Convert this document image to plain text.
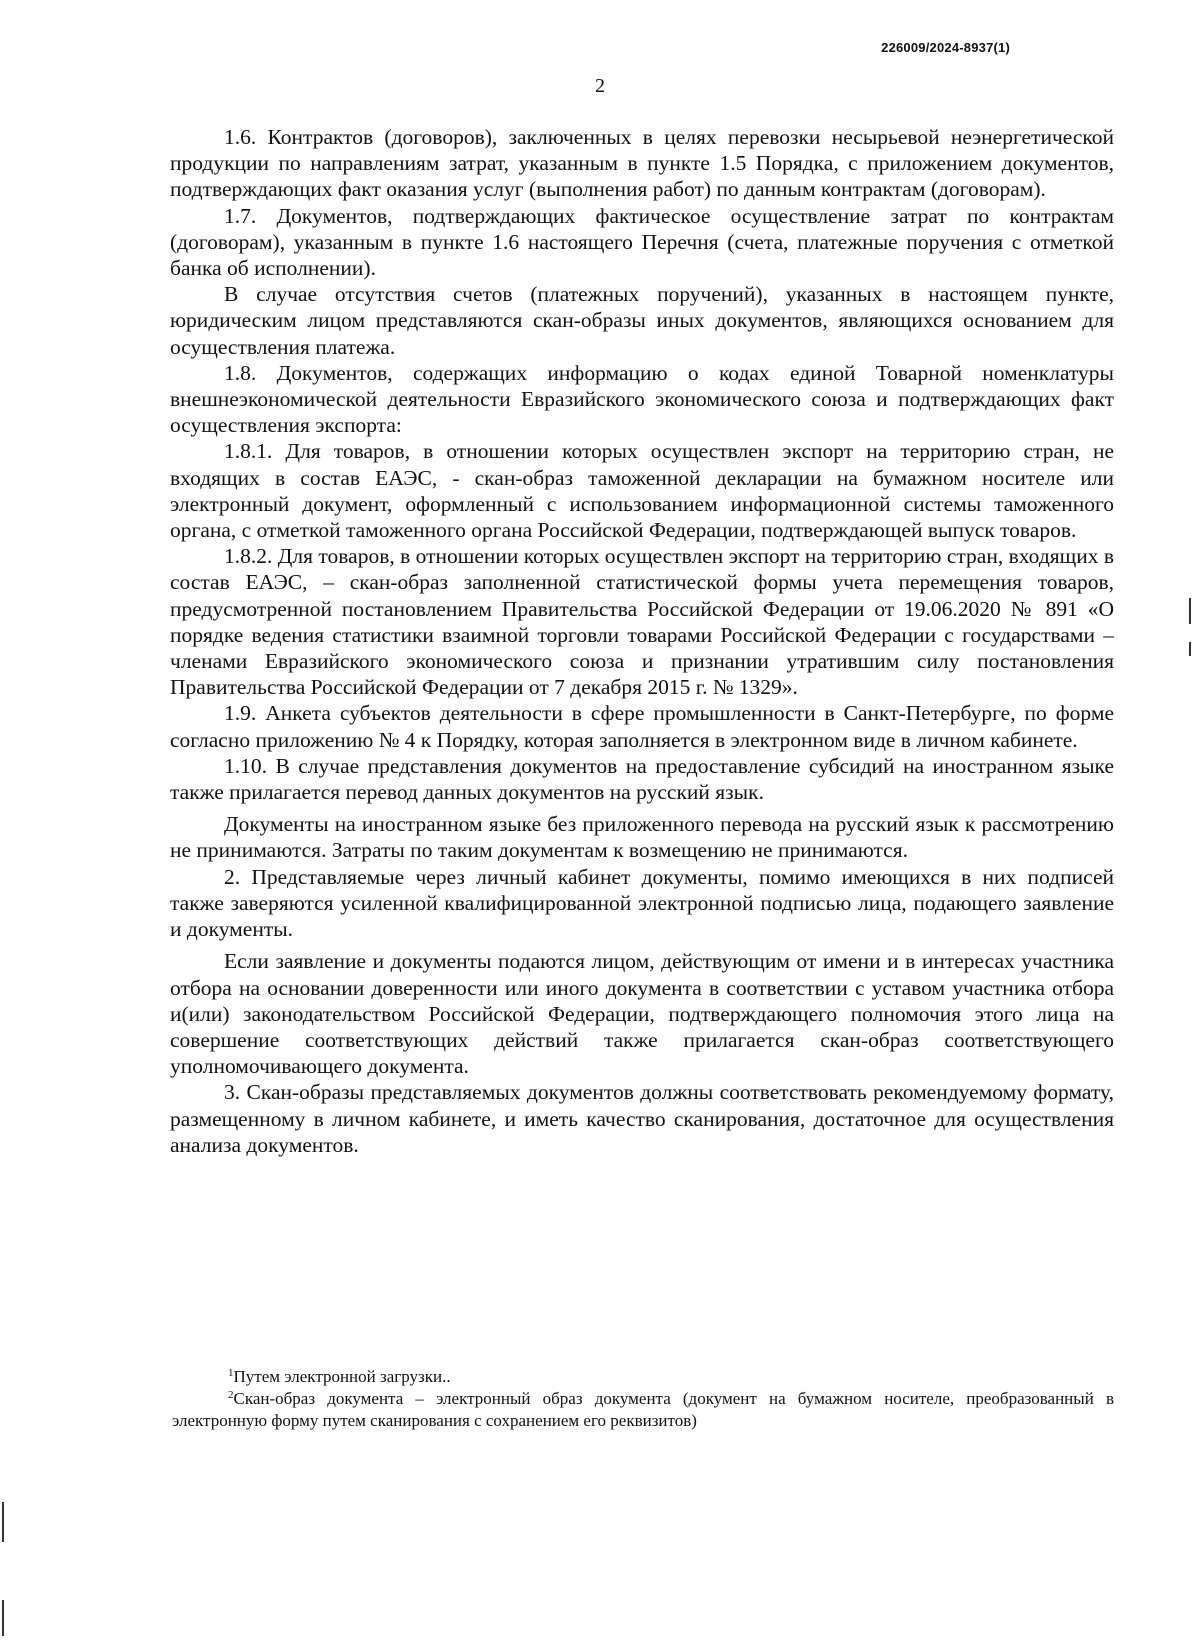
226009/2024-8937(1)
2

1.6. Контрактов (договоров), заключенных в целях перевозки несырьевой неэнергетической продукции по направлениям затрат, указанным в пункте 1.5 Порядка, с приложением документов, подтверждающих факт оказания услуг (выполнения работ) по данным контрактам (договорам).

1.7. Документов, подтверждающих фактическое осуществление затрат по контрактам (договорам), указанным в пункте 1.6 настоящего Перечня (счета, платежные поручения с отметкой банка об исполнении).

В случае отсутствия счетов (платежных поручений), указанных в настоящем пункте, юридическим лицом представляются скан-образы иных документов, являющихся основанием для осуществления платежа.

1.8. Документов, содержащих информацию о кодах единой Товарной номенклатуры внешнеэкономической деятельности Евразийского экономического союза и подтверждающих факт осуществления экспорта:

1.8.1. Для товаров, в отношении которых осуществлен экспорт на территорию стран, не входящих в состав ЕАЭС, - скан-образ таможенной декларации на бумажном носителе или электронный документ, оформленный с использованием информационной системы таможенного органа, с отметкой таможенного органа Российской Федерации, подтверждающей выпуск товаров.

1.8.2. Для товаров, в отношении которых осуществлен экспорт на территорию стран, входящих в состав ЕАЭС, – скан-образ заполненной статистической формы учета перемещения товаров, предусмотренной постановлением Правительства Российской Федерации от 19.06.2020 № 891 «О порядке ведения статистики взаимной торговли товарами Российской Федерации с государствами – членами Евразийского экономического союза и признании утратившим силу постановления Правительства Российской Федерации от 7 декабря 2015 г. № 1329».

1.9. Анкета субъектов деятельности в сфере промышленности в Санкт-Петербурге, по форме согласно приложению № 4 к Порядку, которая заполняется в электронном виде в личном кабинете.

1.10. В случае представления документов на предоставление субсидий на иностранном языке также прилагается перевод данных документов на русский язык.

Документы на иностранном языке без приложенного перевода на русский язык к рассмотрению не принимаются. Затраты по таким документам к возмещению не принимаются.

2. Представляемые через личный кабинет документы, помимо имеющихся в них подписей также заверяются усиленной квалифицированной электронной подписью лица, подающего заявление и документы.

Если заявление и документы подаются лицом, действующим от имени и в интересах участника отбора на основании доверенности или иного документа в соответствии с уставом участника отбора и(или) законодательством Российской Федерации, подтверждающего полномочия этого лица на совершение соответствующих действий также прилагается скан-образ соответствующего уполномочивающего документа.

3. Скан-образы представляемых документов должны соответствовать рекомендуемому формату, размещенному в личном кабинете, и иметь качество сканирования, достаточное для осуществления анализа документов.

$^1$Путем электронной загрузки..

$^2$Скан-образ документа – электронный образ документа (документ на бумажном носителе, преобразованный в электронную форму путем сканирования с сохранением его реквизитов)
